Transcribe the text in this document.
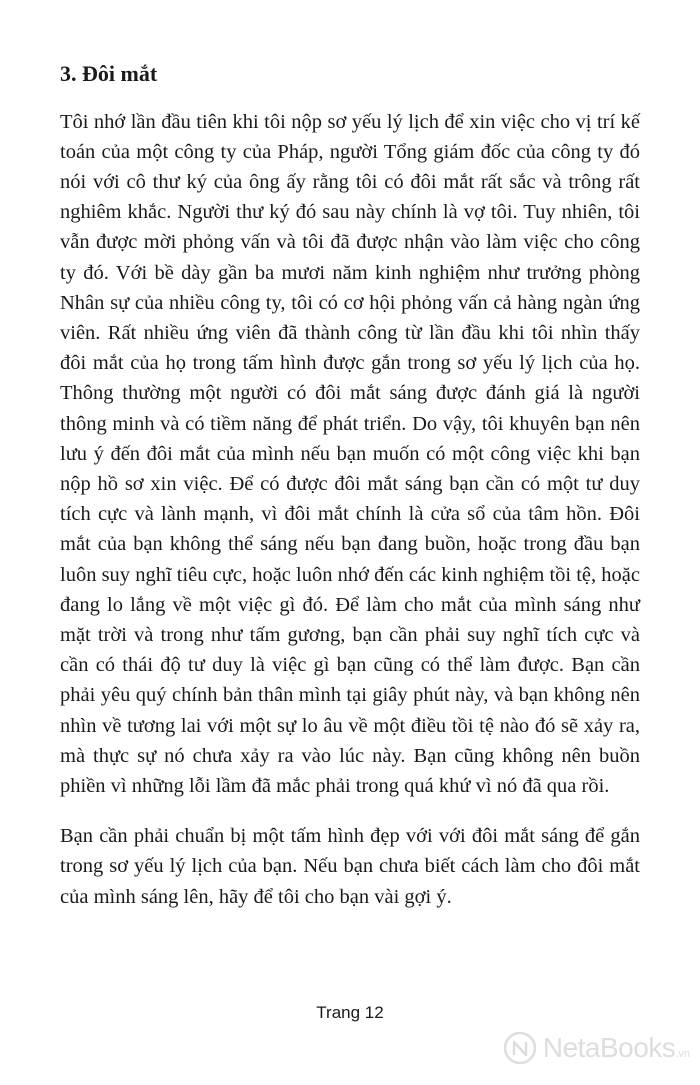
3. Đôi mắt

Tôi nhớ lần đầu tiên khi tôi nộp sơ yếu lý lịch để xin việc cho vị trí kế toán của một công ty của Pháp, người Tổng giám đốc của công ty đó nói với cô thư ký của ông ấy rằng tôi có đôi mắt rất sắc và trông rất nghiêm khắc. Người thư ký đó sau này chính là vợ tôi. Tuy nhiên, tôi vẫn được mời phỏng vấn và tôi đã được nhận vào làm việc cho công ty đó. Với bề dày gần ba mươi năm kinh nghiệm như trưởng phòng Nhân sự của nhiều công ty, tôi có cơ hội phỏng vấn cả hàng ngàn ứng viên. Rất nhiều ứng viên đã thành công từ lần đầu khi tôi nhìn thấy đôi mắt của họ trong tấm hình được gắn trong sơ yếu lý lịch của họ. Thông thường một người có đôi mắt sáng được đánh giá là người thông minh và có tiềm năng để phát triển. Do vậy, tôi khuyên bạn nên lưu ý đến đôi mắt của mình nếu bạn muốn có một công việc khi bạn nộp hồ sơ xin việc. Để có được đôi mắt sáng bạn cần có một tư duy tích cực và lành mạnh, vì đôi mắt chính là cửa sổ của tâm hồn. Đôi mắt của bạn không thể sáng nếu bạn đang buồn, hoặc trong đầu bạn luôn suy nghĩ tiêu cực, hoặc luôn nhớ đến các kinh nghiệm tồi tệ, hoặc đang lo lắng về một việc gì đó. Để làm cho mắt của mình sáng như mặt trời và trong như tấm gương, bạn cần phải suy nghĩ tích cực và cần có thái độ tư duy là việc gì bạn cũng có thể làm được. Bạn cần phải yêu quý chính bản thân mình tại giây phút này, và bạn không nên nhìn về tương lai với một sự lo âu về một điều tồi tệ nào đó sẽ xảy ra, mà thực sự nó chưa xảy ra vào lúc này. Bạn cũng không nên buồn phiền vì những lỗi lầm đã mắc phải trong quá khứ vì nó đã qua rồi.

Bạn cần phải chuẩn bị một tấm hình đẹp với với đôi mắt sáng để gắn trong sơ yếu lý lịch của bạn. Nếu bạn chưa biết cách làm cho đôi mắt của mình sáng lên, hãy để tôi cho bạn vài gợi ý.

Trang 12
NetaBooks.vn
